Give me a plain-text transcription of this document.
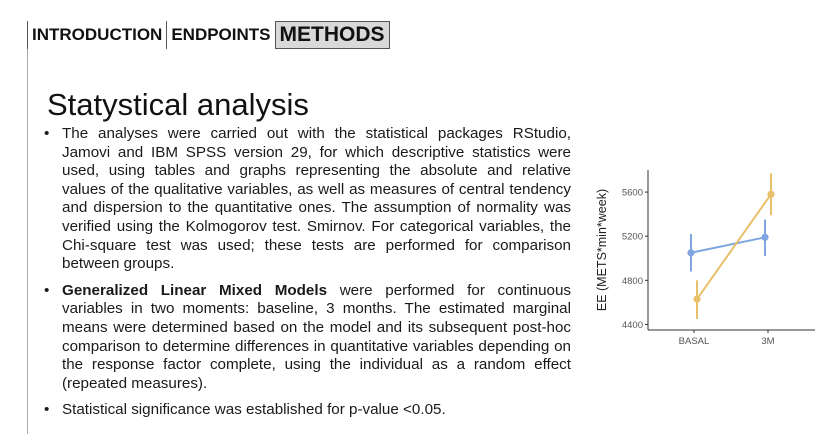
INTRODUCTION ENDPOINTS METHODS
Statystical analysis
• The analyses were carried out with the statistical packages RStudio, Jamovi and IBM SPSS version 29, for which descriptive statistics were used, using tables and graphs representing the absolute and relative values of the qualitative variables, as well as measures of central tendency and dispersion to the quantitative ones. The assumption of normality was verified using the Kolmogorov test. Smirnov. For categorical variables, the Chi-square test was used; these tests are performed for comparison between groups.
• Generalized Linear Mixed Models were performed for continuous variables in two moments: baseline, 3 months. The estimated marginal means were determined based on the model and its subsequent post-hoc comparison to determine differences in quantitative variables depending on the response factor complete, using the individual as a random effect (repeated measures).
• Statistical significance was established for p-value <0.05.
4400
4800
5200
5600
BASAL	3M
EE (METS*min*week)
